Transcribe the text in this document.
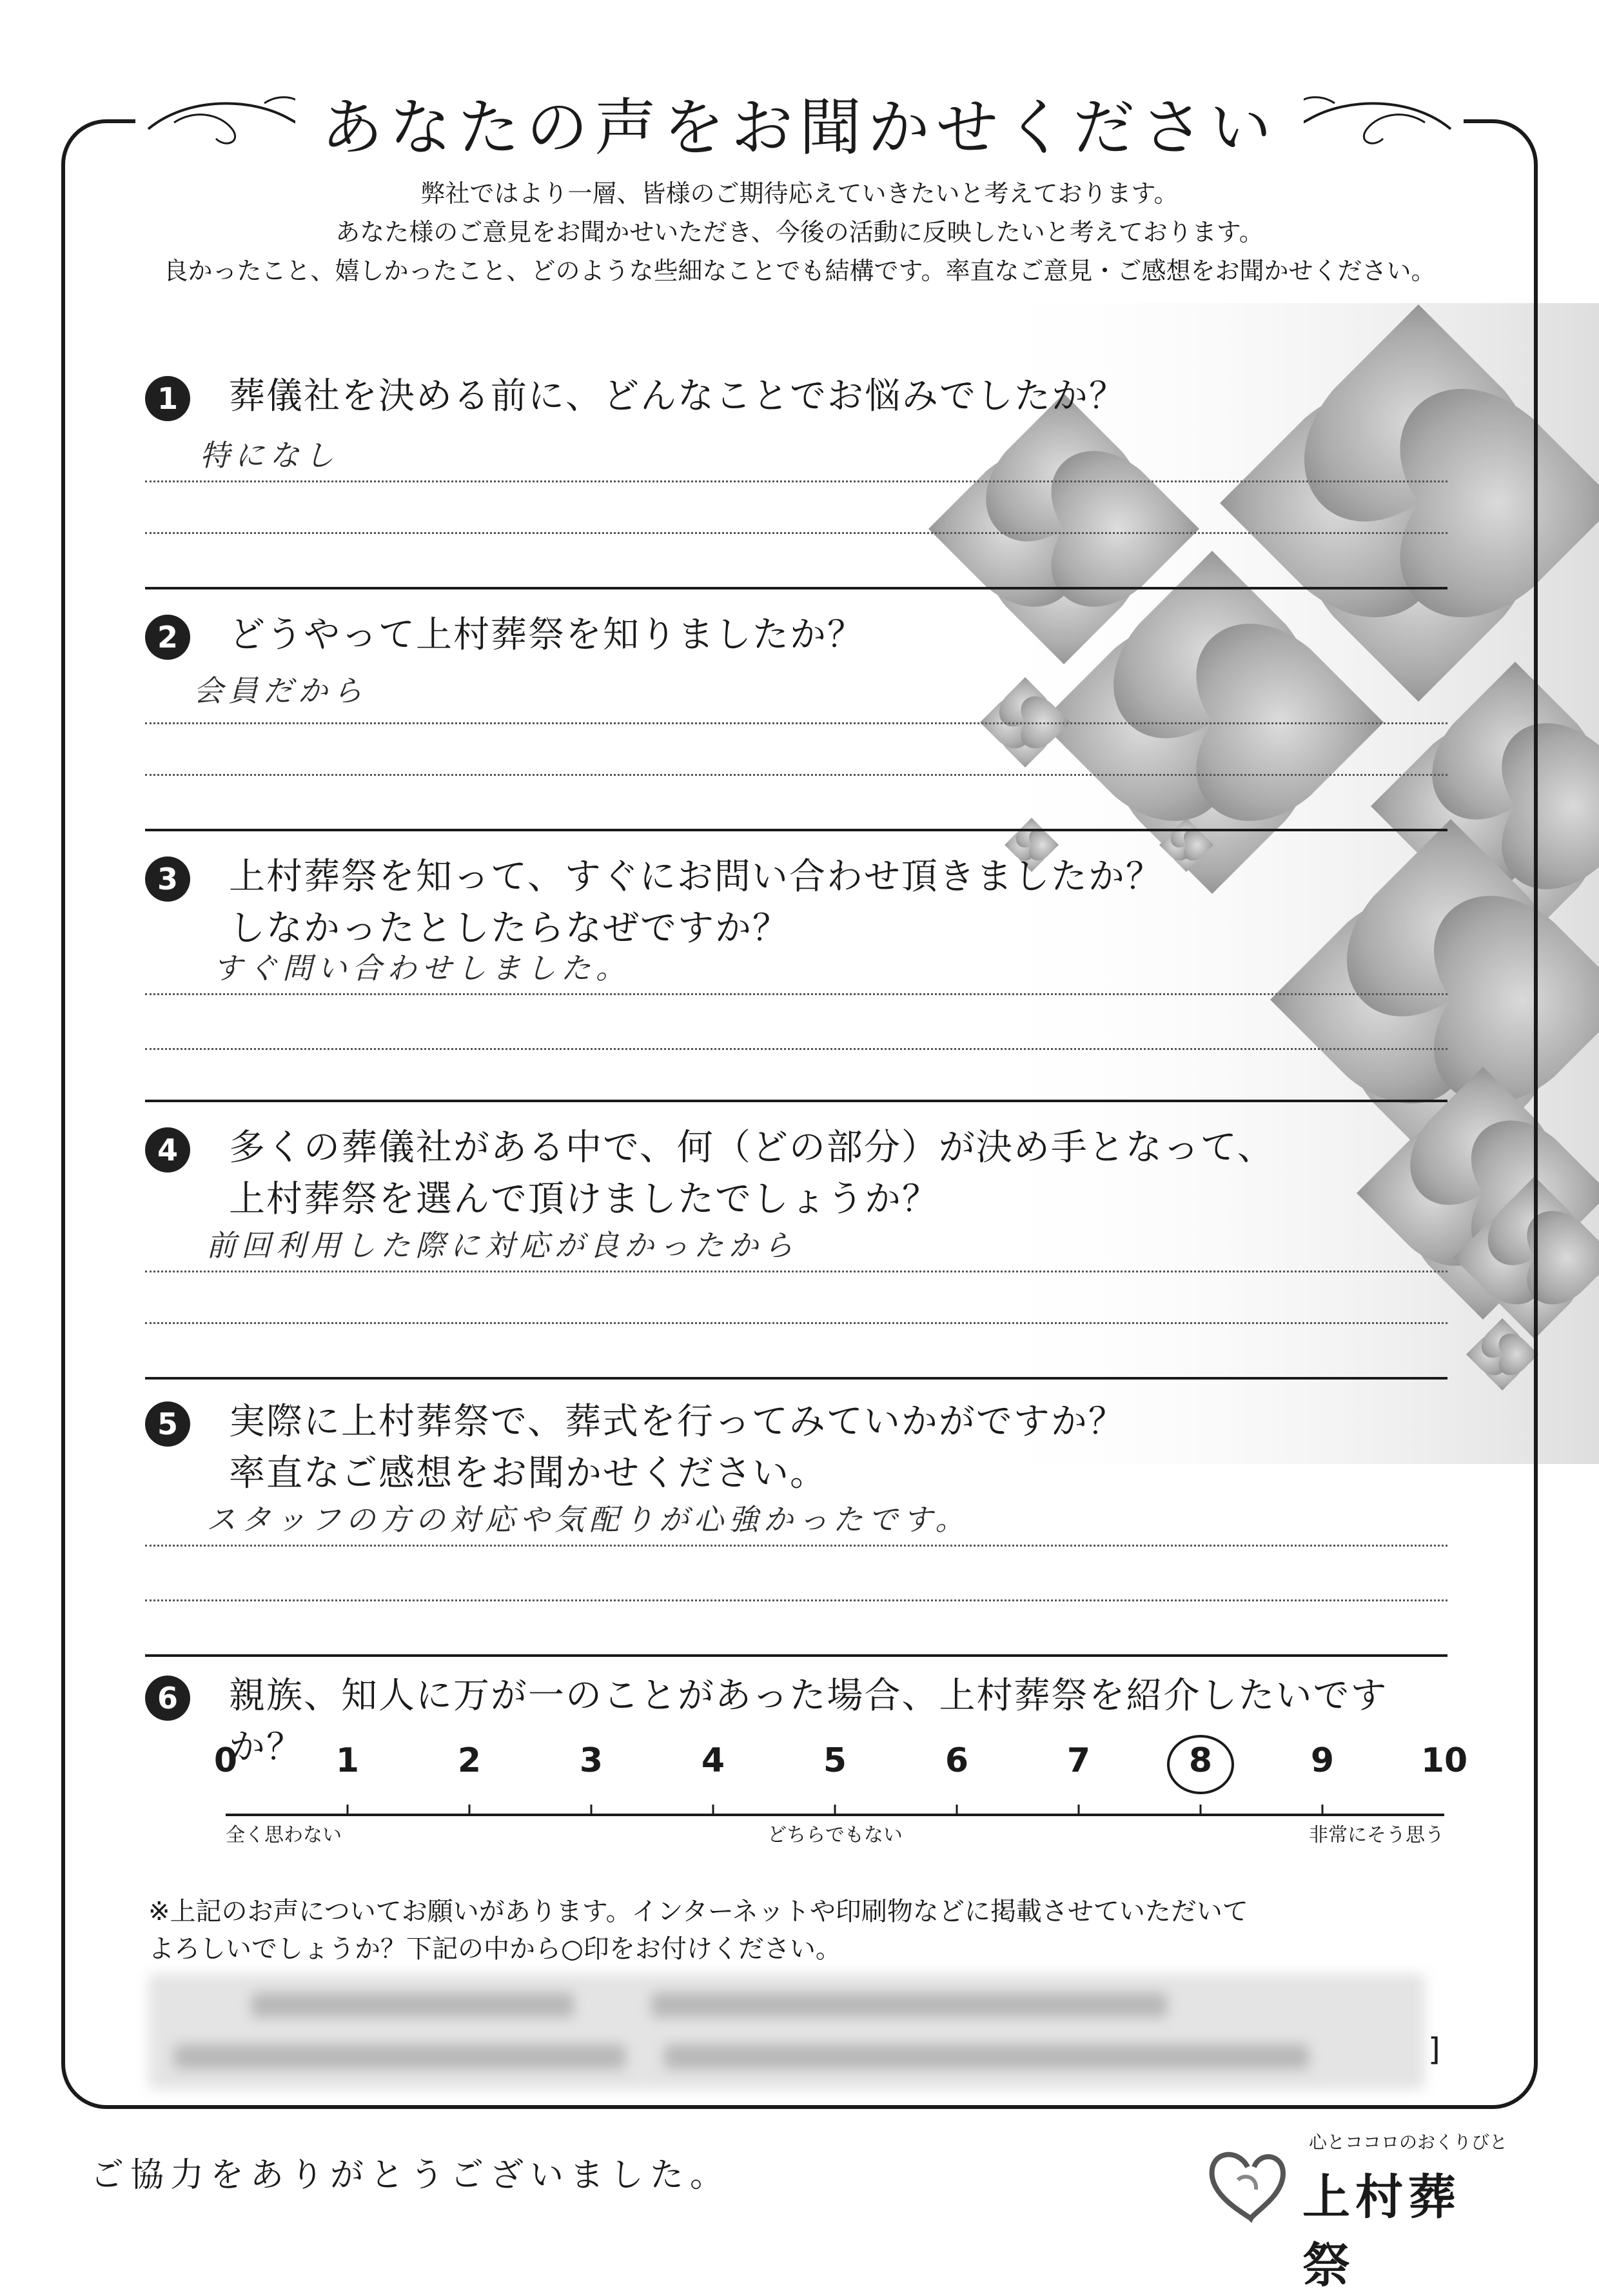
あなたの声をお聞かせください

弊社ではより一層、皆様のご期待応えていきたいと考えております。

あなた様のご意見をお聞かせいただき、今後の活動に反映したいと考えております。

良かったこと、嬉しかったこと、どのような些細なことでも結構です。率直なご意見・ご感想をお聞かせください。

1	葬儀社を決める前に、どんなことでお悩みでしたか？
特になし
2	どうやって上村葬祭を知りましたか？
会員だから
3	上村葬祭を知って、すぐにお問い合わせ頂きましたか？
しなかったとしたらなぜですか？
すぐ問い合わせしました。
4	多くの葬儀社がある中で、何（どの部分）が決め手となって、
上村葬祭を選んで頂けましたでしょうか？
前回利用した際に対応が良かったから
5	実際に上村葬祭で、葬式を行ってみていかがですか？
率直なご感想をお聞かせください。
スタッフの方の対応や気配りが心強かったです。
6	親族、知人に万が一のことがあった場合、上村葬祭を紹介したいですか？
全く思わない	どちらでもない	非常にそう思う
0	1	2	3	4	5	6	7	8	9	10
※上記のお声についてお願いがあります。インターネットや印刷物などに掲載させていただいて
よろしいでしょうか？下記の中から○印をお付けください。
]
ご協力をありがとうございました。
心とココロのおくりびと
上村葬祭
